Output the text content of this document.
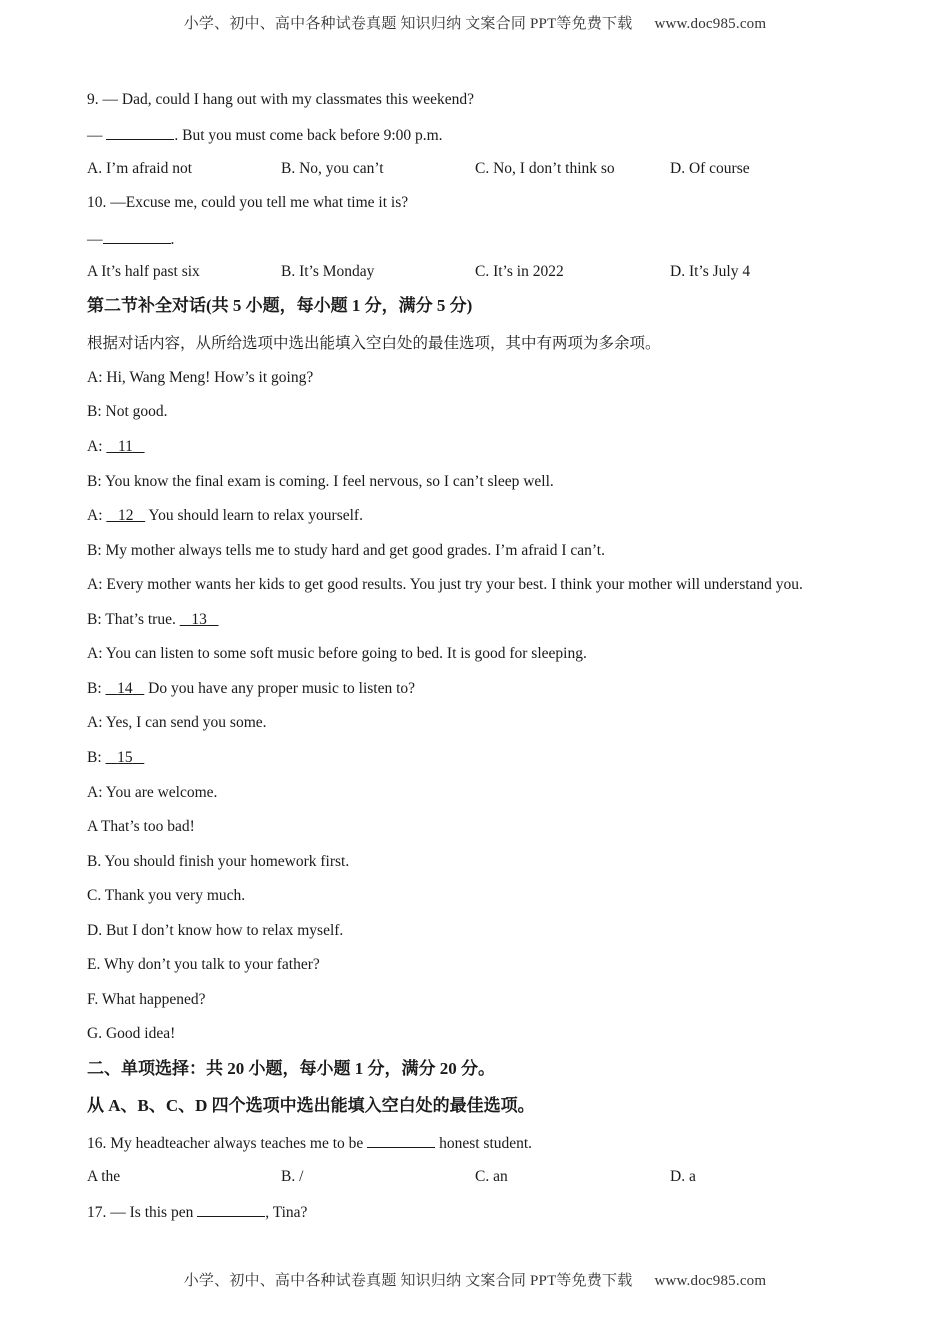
小学、初中、高中各种试卷真题 知识归纳 文案合同 PPT等免费下载 www.doc985.com
9. — Dad, could I hang out with my classmates this weekend?
—	. But you must come back before 9:00 p.m.
A. I’m afraid not	B. No, you can’t	C. No, I don’t think so	D. Of course
10. —Excuse me, could you tell me what time it is?
—	.
A It’s half past six	B. It’s Monday	C. It’s in 2022	D. It’s July 4
第二节补全对话(共 5 小题，每小题 1 分，满分 5 分)
根据对话内容，从所给选项中选出能填入空白处的最佳选项，其中有两项为多余项。
A: Hi, Wang Meng! How’s it going?
B: Not good.
A:    11
B: You know the final exam is coming. I feel nervous, so I can’t sleep well.
A:    12    You should learn to relax yourself.
B: My mother always tells me to study hard and get good grades. I’m afraid I can’t.
A: Every mother wants her kids to get good results. You just try your best. I think your mother will understand you.
B: That’s true.    13
A: You can listen to some soft music before going to bed. It is good for sleeping.
B:    14    Do you have any proper music to listen to?
A: Yes, I can send you some.
B:    15
A: You are welcome.
A That’s too bad!
B. You should finish your homework first.
C. Thank you very much.
D. But I don’t know how to relax myself.
E. Why don’t you talk to your father?
F. What happened?
G. Good idea!
二、单项选择：共 20 小题，每小题 1 分，满分 20 分。
从 A、B、C、D 四个选项中选出能填入空白处的最佳选项。
16. My headteacher always teaches me to be	honest student.
A the	B. /	C. an	D. a
17. — Is this pen	, Tina?
小学、初中、高中各种试卷真题 知识归纳 文案合同 PPT等免费下载 www.doc985.com
